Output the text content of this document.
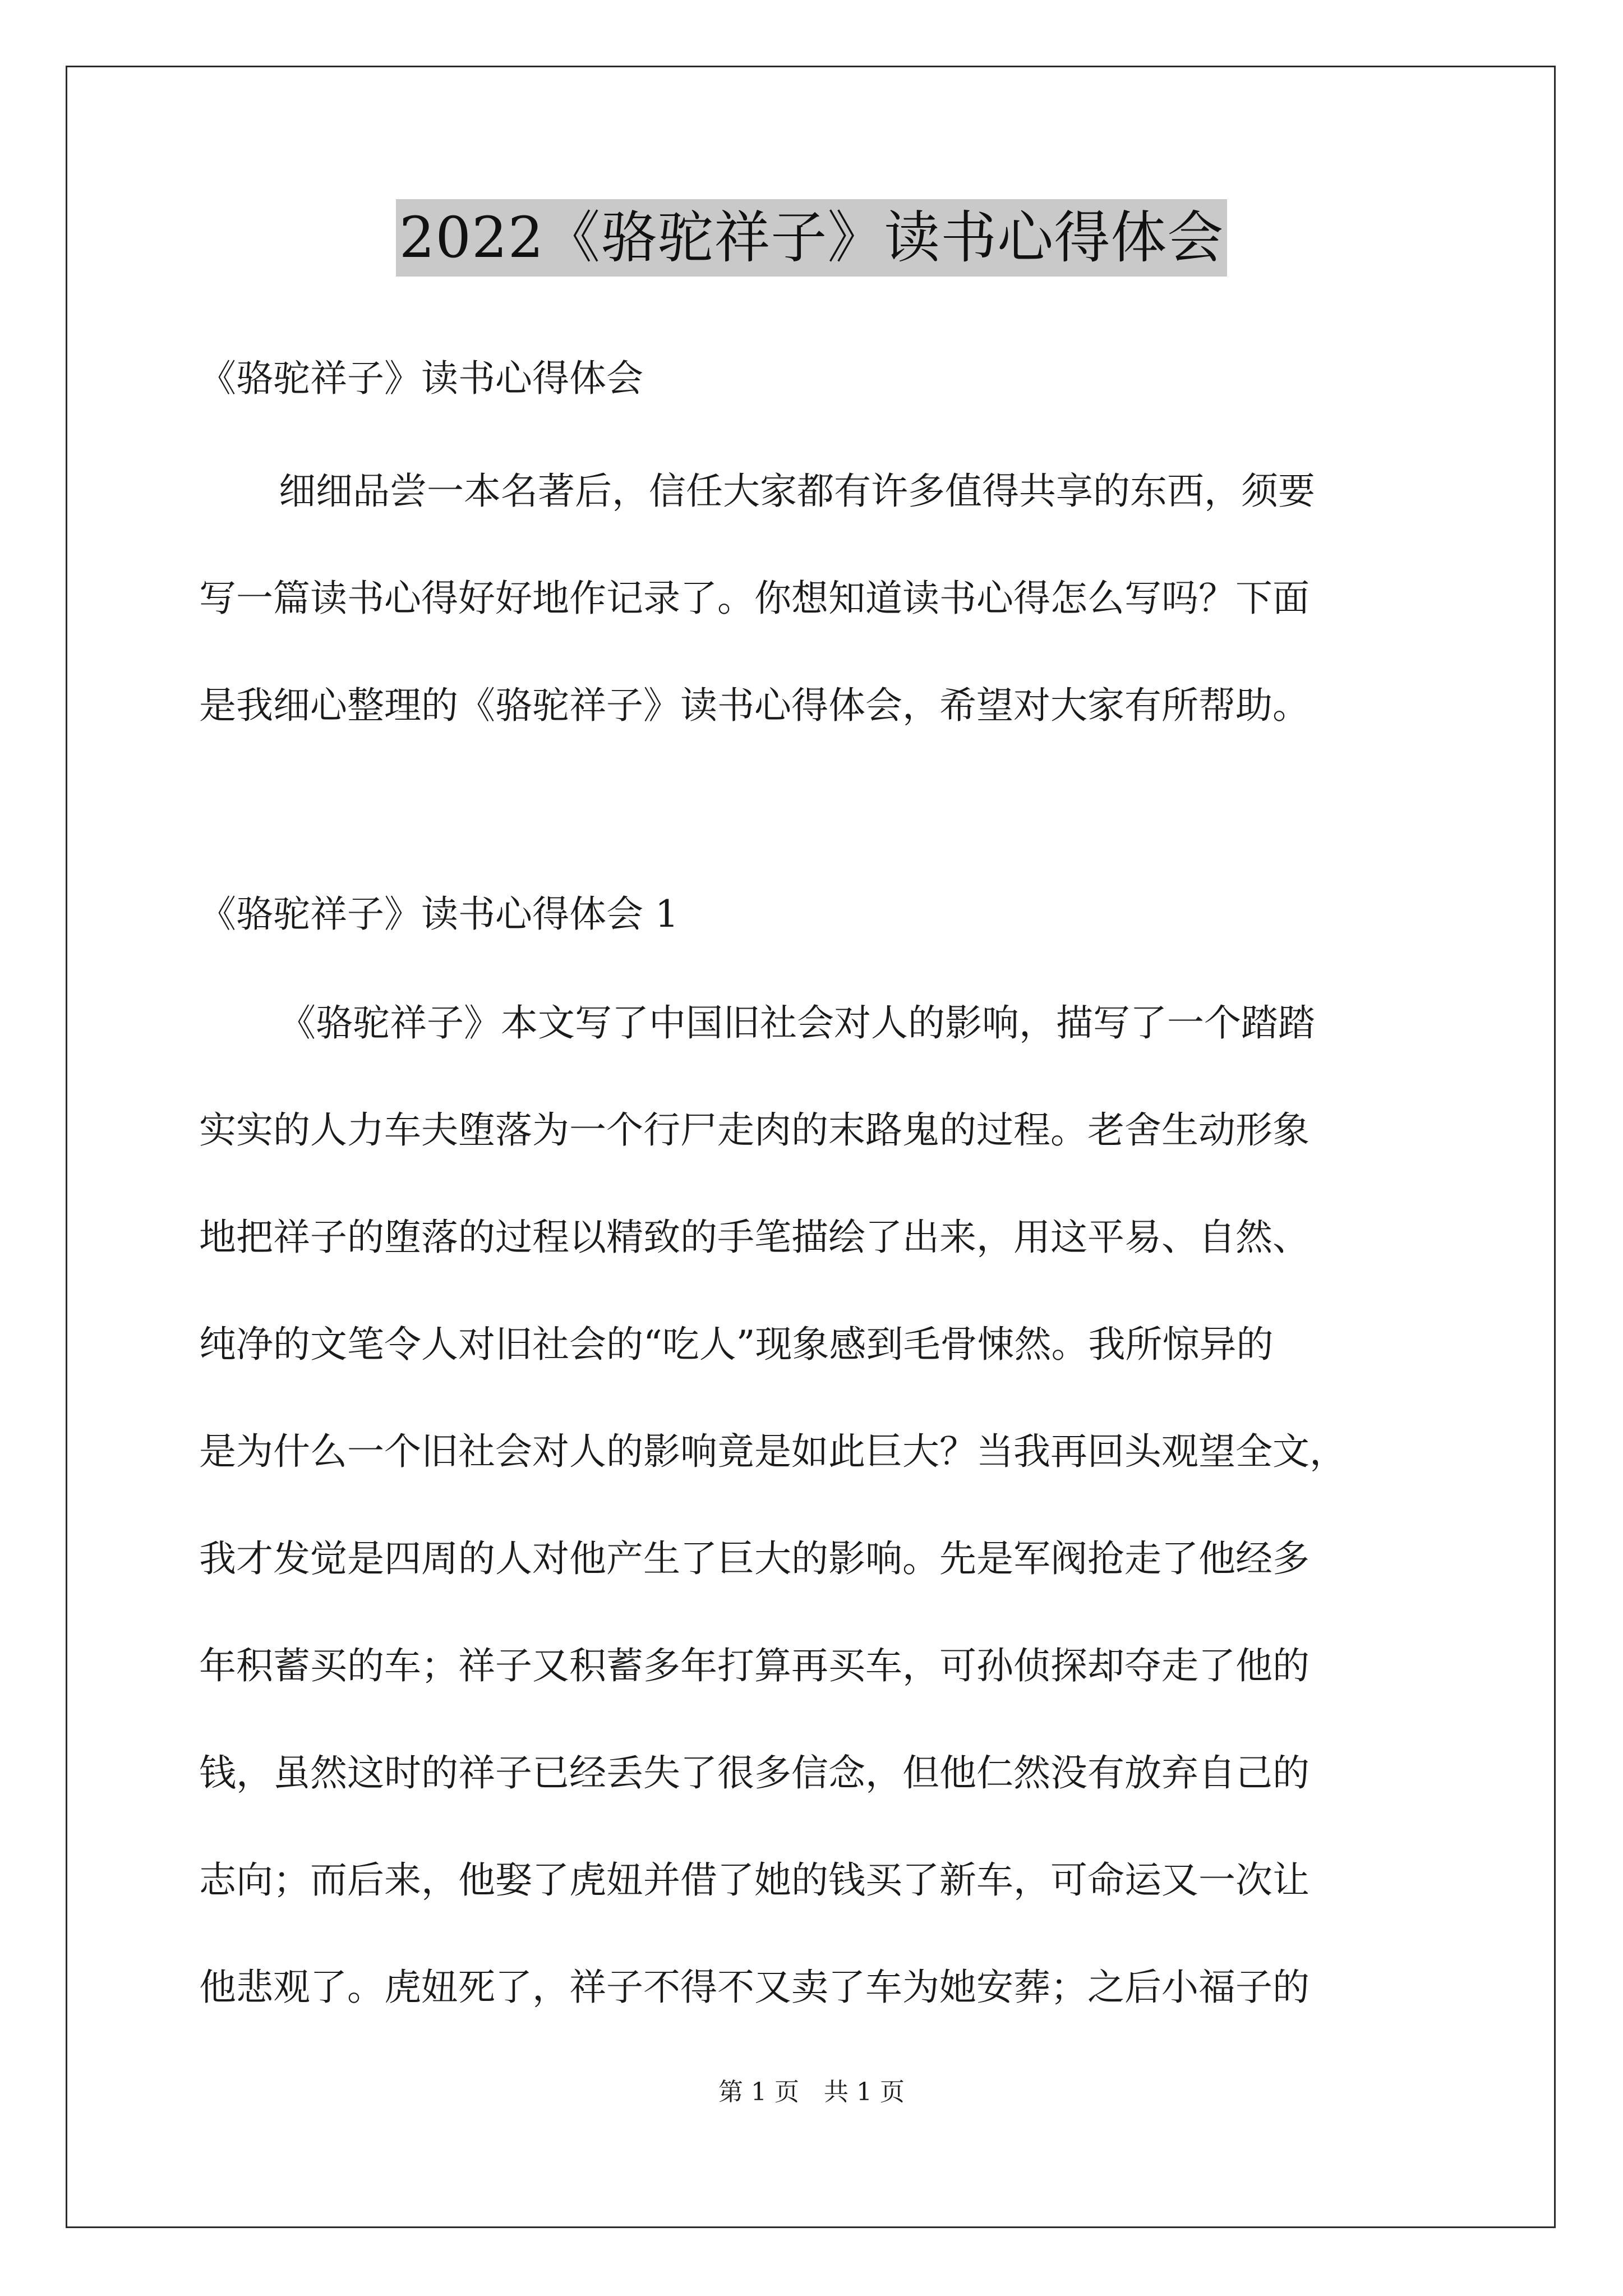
2022《骆驼祥子》读书心得体会
《骆驼祥子》读书心得体会

细细品尝一本名著后，信任大家都有许多值得共享的东西，须要
写一篇读书心得好好地作记录了。你想知道读书心得怎么写吗？下面
是我细心整理的《骆驼祥子》读书心得体会，希望对大家有所帮助。

《骆驼祥子》读书心得体会 1

《骆驼祥子》本文写了中国旧社会对人的影响，描写了一个踏踏
实实的人力车夫堕落为一个行尸走肉的末路鬼的过程。老舍生动形象
地把祥子的堕落的过程以精致的手笔描绘了出来，用这平易、自然、
纯净的文笔令人对旧社会的“吃人”现象感到毛骨悚然。我所惊异的
是为什么一个旧社会对人的影响竟是如此巨大？当我再回头观望全文，
我才发觉是四周的人对他产生了巨大的影响。先是军阀抢走了他经多
年积蓄买的车；祥子又积蓄多年打算再买车，可孙侦探却夺走了他的
钱，虽然这时的祥子已经丢失了很多信念，但他仁然没有放弃自己的
志向；而后来，他娶了虎妞并借了她的钱买了新车，可命运又一次让
他悲观了。虎妞死了，祥子不得不又卖了车为她安葬；之后小福子的

第 1 页　共 1 页
